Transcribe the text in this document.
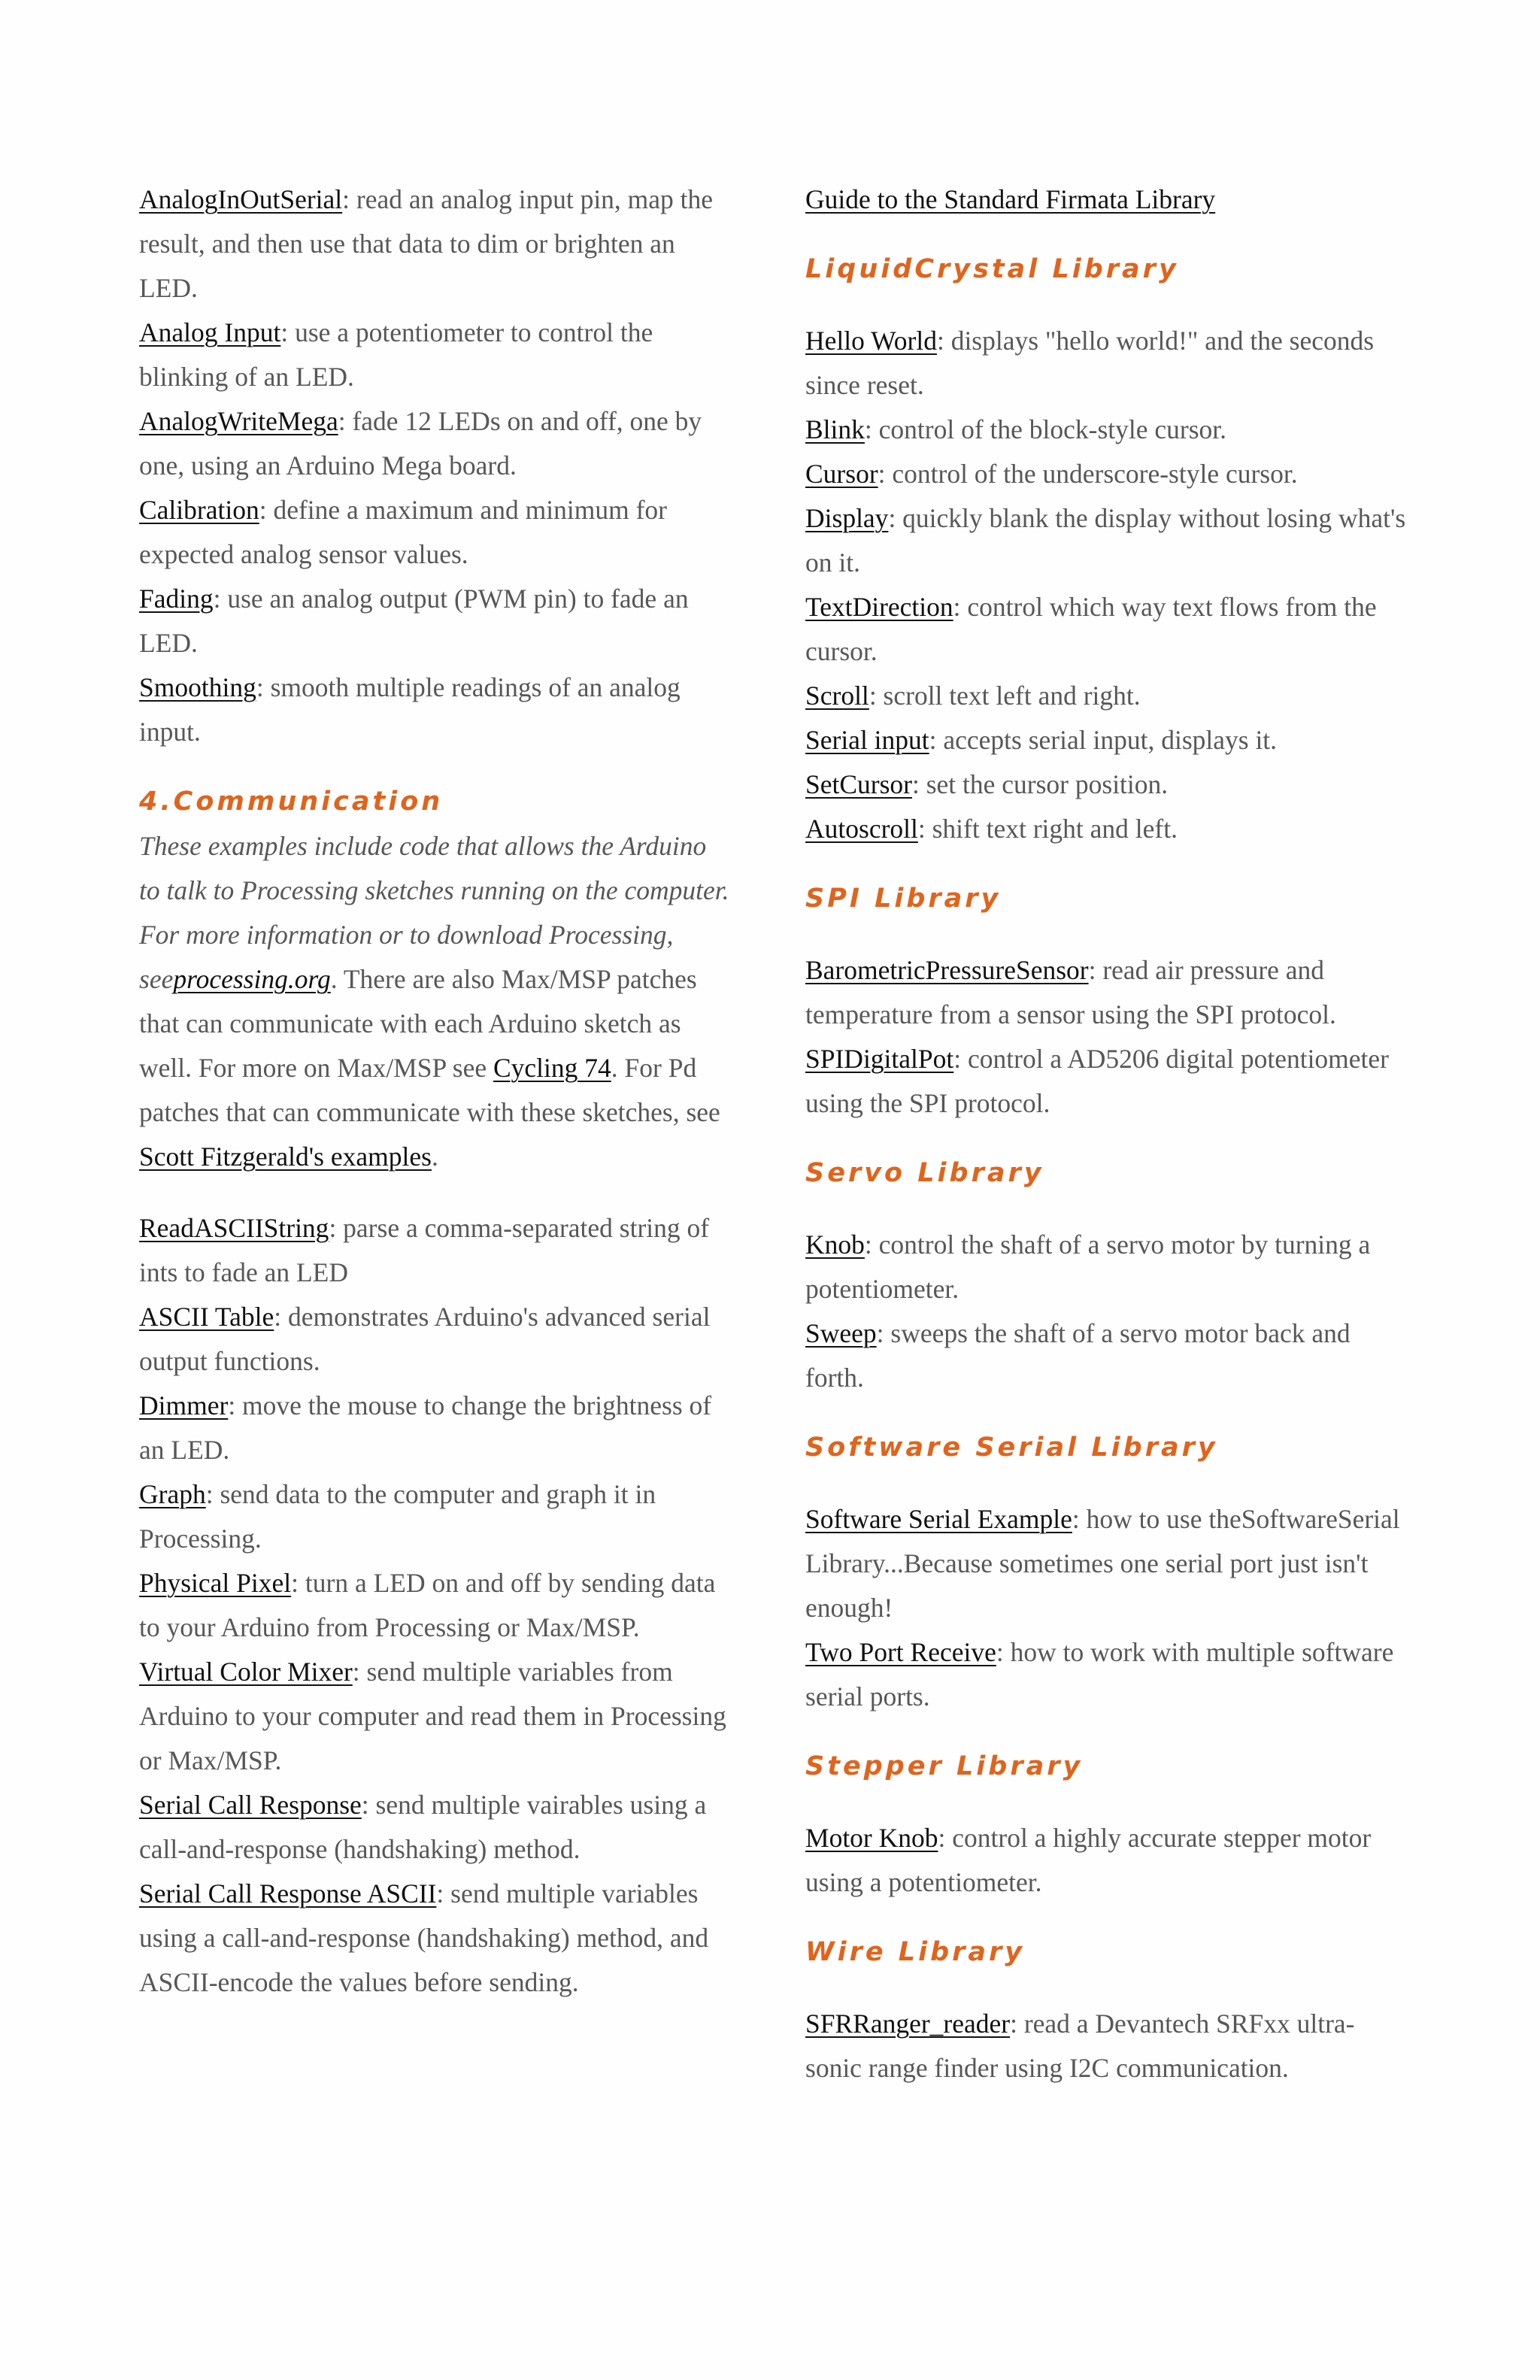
AnalogInOutSerial: read an analog input pin, map the result, and then use that data to dim or brighten an LED.

Analog Input: use a potentiometer to control the blinking of an LED.

AnalogWriteMega: fade 12 LEDs on and off, one by one, using an Arduino Mega board.

Calibration: define a maximum and minimum for expected analog sensor values.

Fading: use an analog output (PWM pin) to fade an LED.

Smoothing: smooth multiple readings of an analog input.

4.Communication

These examples include code that allows the Arduino to talk to Processing sketches running on the computer. For more information or to download Processing, seeprocessing.org. There are also Max/MSP patches that can communicate with each Arduino sketch as well. For more on Max/MSP see Cycling 74. For Pd patches that can communicate with these sketches, see Scott Fitzgerald's examples.

ReadASCIIString: parse a comma-separated string of ints to fade an LED

ASCII Table: demonstrates Arduino's advanced serial output functions.

Dimmer: move the mouse to change the brightness of an LED.

Graph: send data to the computer and graph it in Processing.

Physical Pixel: turn a LED on and off by sending data to your Arduino from Processing or Max/MSP.

Virtual Color Mixer: send multiple variables from Arduino to your computer and read them in Processing or Max/MSP.

Serial Call Response: send multiple vairables using a call-and-response (handshaking) method.

Serial Call Response ASCII: send multiple variables using a call-and-response (handshaking) method, and ASCII-encode the values before sending.

Guide to the Standard Firmata Library

LiquidCrystal Library

Hello World: displays "hello world!" and the seconds since reset.

Blink: control of the block-style cursor.

Cursor: control of the underscore-style cursor.

Display: quickly blank the display without losing what's on it.

TextDirection: control which way text flows from the cursor.

Scroll: scroll text left and right.

Serial input: accepts serial input, displays it.

SetCursor: set the cursor position.

Autoscroll: shift text right and left.

SPI Library

BarometricPressureSensor: read air pressure and temperature from a sensor using the SPI protocol.

SPIDigitalPot: control a AD5206 digital potentiometer using the SPI protocol.

Servo Library

Knob: control the shaft of a servo motor by turning a potentiometer.

Sweep: sweeps the shaft of a servo motor back and forth.

Software Serial Library

Software Serial Example: how to use theSoftwareSerial Library...Because sometimes one serial port just isn't enough!

Two Port Receive: how to work with multiple software serial ports.

Stepper Library

Motor Knob: control a highly accurate stepper motor using a potentiometer.

Wire Library

SFRRanger_reader: read a Devantech SRFxx ultra-sonic range finder using I2C communication.
